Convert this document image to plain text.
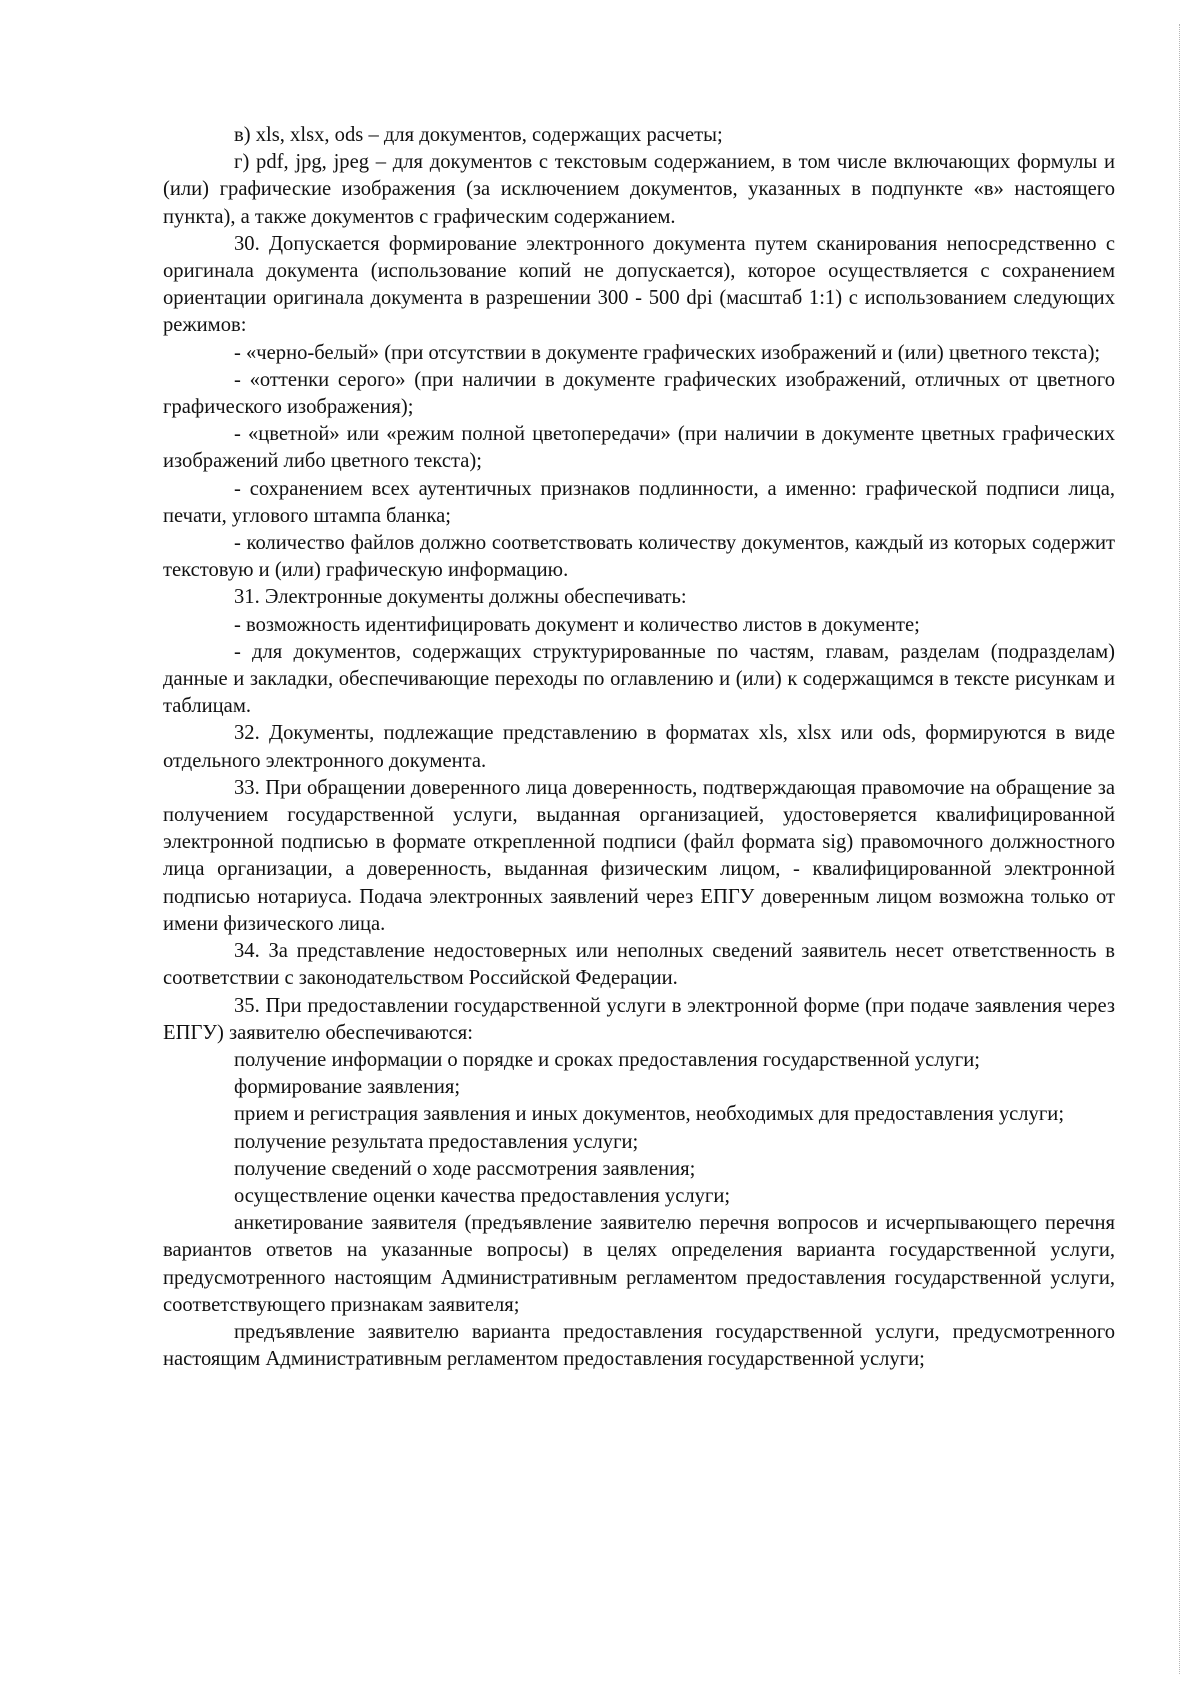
в) xls, xlsx, ods – для документов, содержащих расчеты;

г) pdf, jpg, jpeg – для документов с текстовым содержанием, в том числе включающих формулы и (или) графические изображения (за исключением документов, указанных в подпункте «в» настоящего пункта), а также документов с графическим содержанием.

30. Допускается формирование электронного документа путем сканирования непосредственно с оригинала документа (использование копий не допускается), которое осуществляется с сохранением ориентации оригинала документа в разрешении 300 - 500 dpi (масштаб 1:1) с использованием следующих режимов:

- «черно-белый» (при отсутствии в документе графических изображений и (или) цветного текста);

- «оттенки серого» (при наличии в документе графических изображений, отличных от цветного графического изображения);

- «цветной» или «режим полной цветопередачи» (при наличии в документе цветных графических изображений либо цветного текста);

- сохранением всех аутентичных признаков подлинности, а именно: графической подписи лица, печати, углового штампа бланка;

- количество файлов должно соответствовать количеству документов, каждый из которых содержит текстовую и (или) графическую информацию.

31. Электронные документы должны обеспечивать:

- возможность идентифицировать документ и количество листов в документе;

- для документов, содержащих структурированные по частям, главам, разделам (подразделам) данные и закладки, обеспечивающие переходы по оглавлению и (или) к содержащимся в тексте рисункам и таблицам.

32. Документы, подлежащие представлению в форматах xls, xlsx или ods, формируются в виде отдельного электронного документа.

33. При обращении доверенного лица доверенность, подтверждающая правомочие на обращение за получением государственной услуги, выданная организацией, удостоверяется квалифицированной электронной подписью в формате открепленной подписи (файл формата sig) правомочного должностного лица организации, а доверенность, выданная физическим лицом, - квалифицированной электронной подписью нотариуса. Подача электронных заявлений через ЕПГУ доверенным лицом возможна только от имени физического лица.

34. За представление недостоверных или неполных сведений заявитель несет ответственность в соответствии с законодательством Российской Федерации.

35. При предоставлении государственной услуги в электронной форме (при подаче заявления через ЕПГУ) заявителю обеспечиваются:

получение информации о порядке и сроках предоставления государственной услуги;

формирование заявления;

прием и регистрация заявления и иных документов, необходимых для предоставления услуги;

получение результата предоставления услуги;

получение сведений о ходе рассмотрения заявления;

осуществление оценки качества предоставления услуги;

анкетирование заявителя (предъявление заявителю перечня вопросов и исчерпывающего перечня вариантов ответов на указанные вопросы) в целях определения варианта государственной услуги, предусмотренного настоящим Административным регламентом предоставления государственной услуги, соответствующего признакам заявителя;

предъявление заявителю варианта предоставления государственной услуги, предусмотренного настоящим Административным регламентом предоставления государственной услуги;
